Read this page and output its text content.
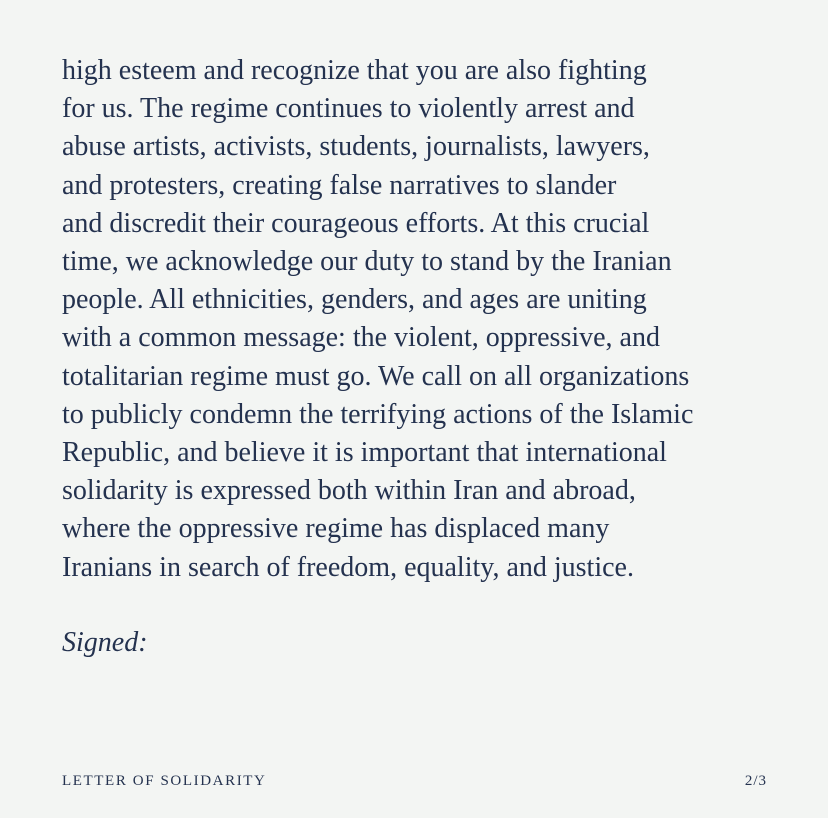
high esteem and recognize that you are also fighting
for us. The regime continues to violently arrest and
abuse artists, activists, students, journalists, lawyers,
and protesters, creating false narratives to slander
and discredit their courageous efforts. At this crucial
time, we acknowledge our duty to stand by the Iranian
people. All ethnicities, genders, and ages are uniting
with a common message: the violent, oppressive, and
totalitarian regime must go. We call on all organizations
to publicly condemn the terrifying actions of the Islamic
Republic, and believe it is important that international
solidarity is expressed both within Iran and abroad,
where the oppressive regime has displaced many
Iranians in search of freedom, equality, and justice.

Signed:

LETTER OF SOLIDARITY	2/3
